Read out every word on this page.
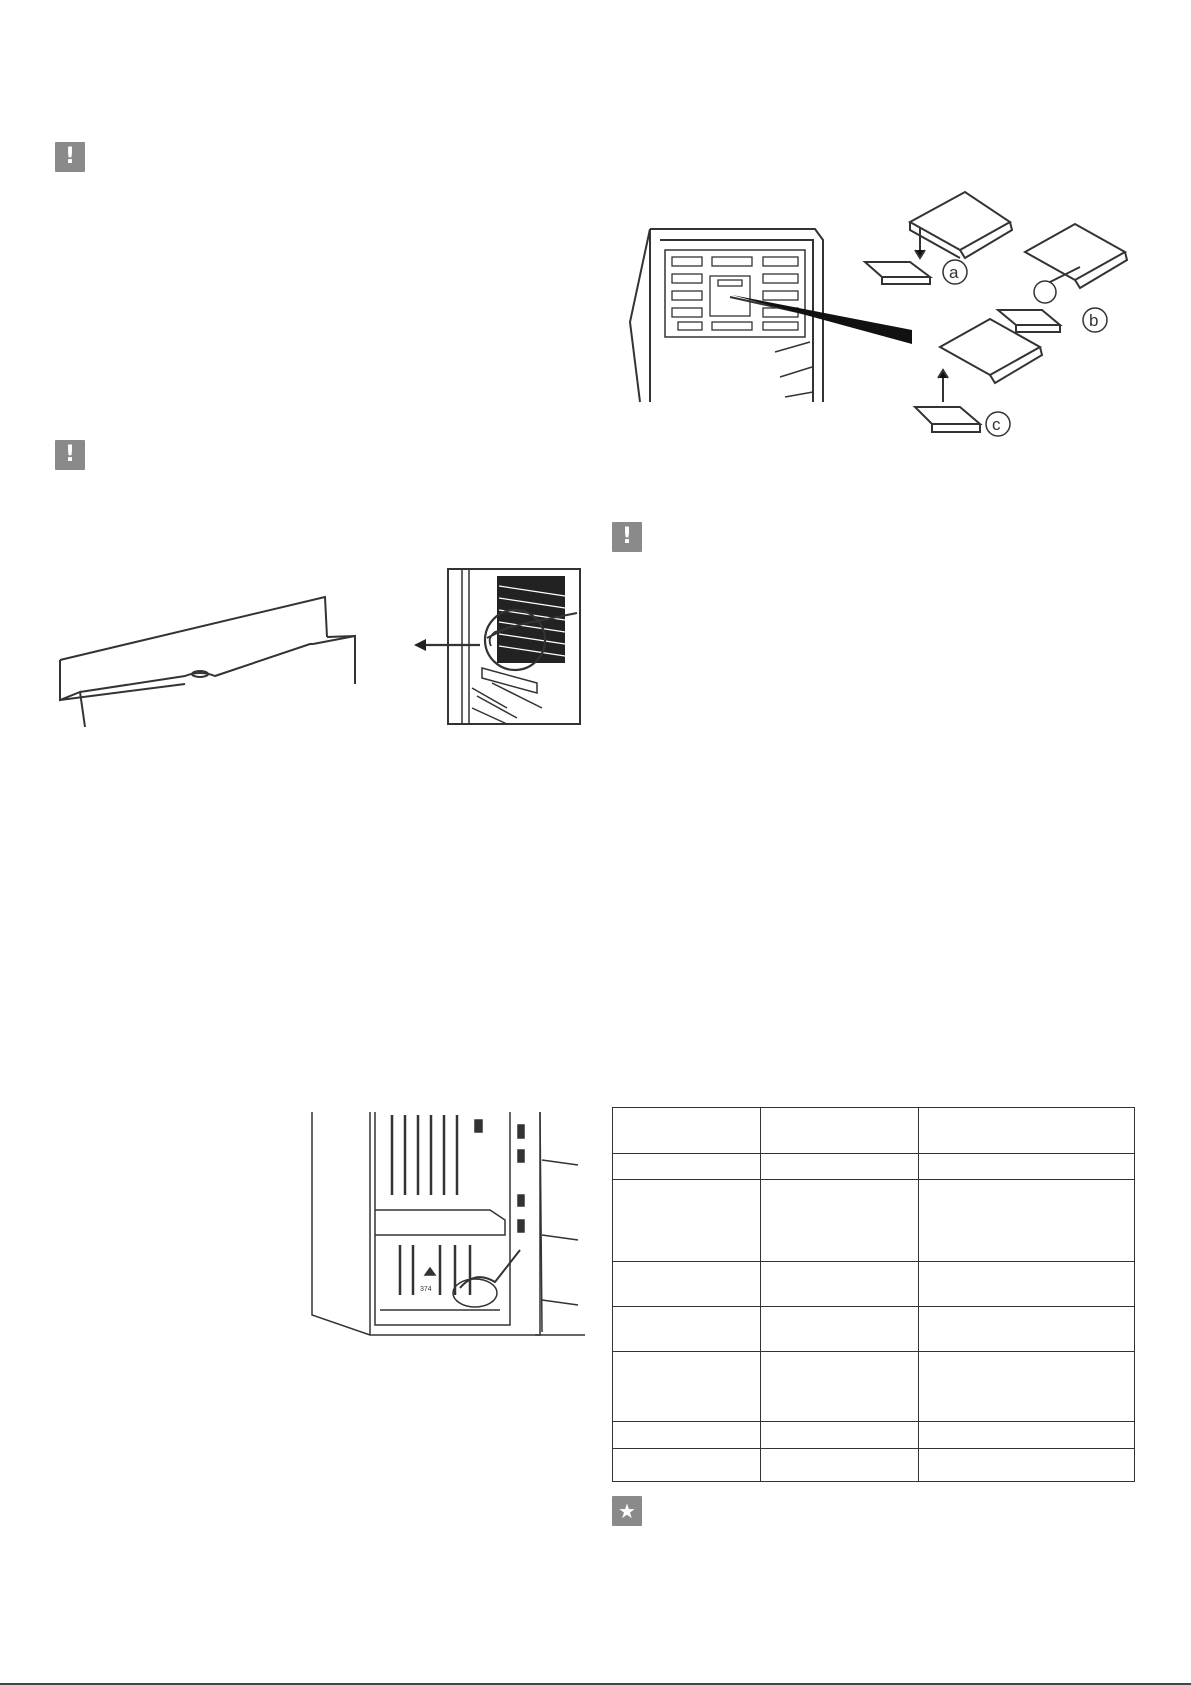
!
!
!
★
a
b
c
374
